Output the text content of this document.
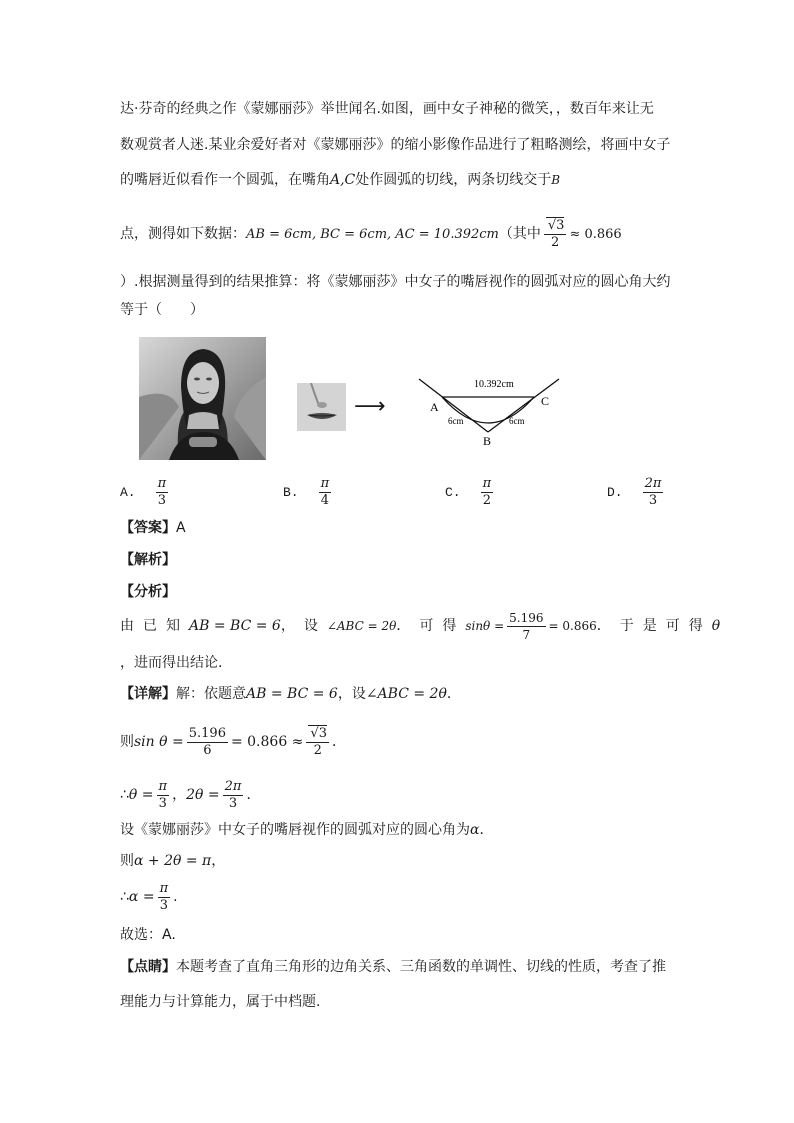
达·芬奇的经典之作《蒙娜丽莎》举世闻名.如图，画中女子神秘的微笑，，数百年来让无
数观赏者人迷.某业余爱好者对《蒙娜丽莎》的缩小影像作品进行了粗略测绘，将画中女子
的嘴唇近似看作一个圆弧，在嘴角A,C处作圆弧的切线，两条切线交于B
点，测得如下数据：AB = 6cm, BC = 6cm, AC = 10.392cm（其中 $\frac{√3}{2} \approx 0.866$
）.根据测量得到的结果推算：将《蒙娜丽莎》中女子的嘴唇视作的圆弧对应的圆心角大约
等于（　　）
⟶
10.392cm
A	C
B
6cm	6cm
A. $\frac{\pi}{3}$	B. $\frac{\pi}{4}$	C. $\frac{\pi}{2}$	D. $\frac{2\pi}{3}$
【答案】A
【解析】
【分析】
由已知AB = BC = 6，设∠ABC = 2θ．可得$\sin\theta = \frac{5.196}{7} = 0.866$．于是可得θ
，进而得出结论.
【详解】解：依题意AB = BC = 6，设∠ABC = 2θ．
则$\sin \theta = \frac{5.196}{6} = 0.866 \approx \frac{√3}{2}$ ．
∴θ = $\frac{\pi}{3}$ ，$2\theta = \frac{2\pi}{3}$ ．
设《蒙娜丽莎》中女子的嘴唇视作的圆弧对应的圆心角为α．
则α + 2θ = π，
∴α = $\frac{\pi}{3}$ .
故选：A.
【点睛】本题考查了直角三角形的边角关系、三角函数的单调性、切线的性质，考查了推
理能力与计算能力，属于中档题.
